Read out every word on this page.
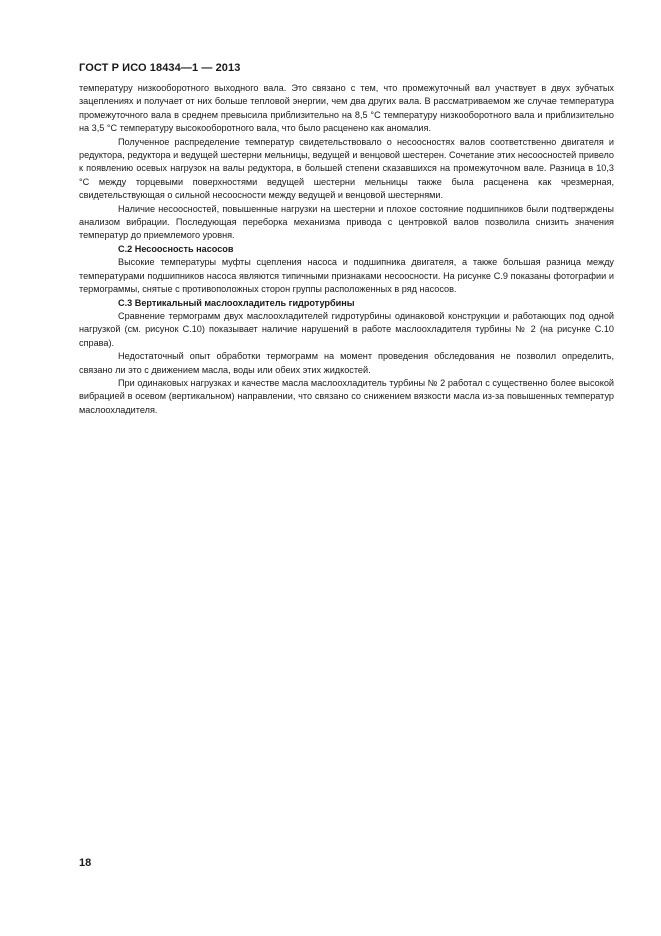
ГОСТ Р ИСО 18434—1 — 2013

температуру низкооборотного выходного вала. Это связано с тем, что промежуточный вал участвует в двух зубчатых зацеплениях и получает от них больше тепловой энергии, чем два других вала. В рассматриваемом же случае температура промежуточного вала в среднем превысила приблизительно на 8,5 °С температуру низкооборотного вала и приблизительно на 3,5 °С температуру высокооборотного вала, что было расценено как аномалия.

Полученное распределение температур свидетельствовало о несоосностях валов соответственно двигателя и редуктора, редуктора и ведущей шестерни мельницы, ведущей и венцовой шестерен. Сочетание этих несоосностей привело к появлению осевых нагрузок на валы редуктора, в большей степени сказавшихся на промежуточном вале. Разница в 10,3 °С между торцевыми поверхностями ведущей шестерни мельницы также была расценена как чрезмерная, свидетельствующая о сильной несоосности между ведущей и венцовой шестернями.

Наличие несоосностей, повышенные нагрузки на шестерни и плохое состояние подшипников были подтверждены анализом вибрации. Последующая переборка механизма привода с центровкой валов позволила снизить значения температур до приемлемого уровня.

С.2 Несоосность насосов

Высокие температуры муфты сцепления насоса и подшипника двигателя, а также большая разница между температурами подшипников насоса являются типичными признаками несоосности. На рисунке С.9 показаны фотографии и термограммы, снятые с противоположных сторон группы расположенных в ряд насосов.

С.3 Вертикальный маслоохладитель гидротурбины

Сравнение термограмм двух маслоохладителей гидротурбины одинаковой конструкции и работающих под одной нагрузкой (см. рисунок С.10) показывает наличие нарушений в работе маслоохладителя турбины № 2 (на рисунке С.10 справа).

Недостаточный опыт обработки термограмм на момент проведения обследования не позволил определить, связано ли это с движением масла, воды или обеих этих жидкостей.

При одинаковых нагрузках и качестве масла маслоохладитель турбины № 2 работал с существенно более высокой вибрацией в осевом (вертикальном) направлении, что связано со снижением вязкости масла из-за повышенных температур маслоохладителя.

18
